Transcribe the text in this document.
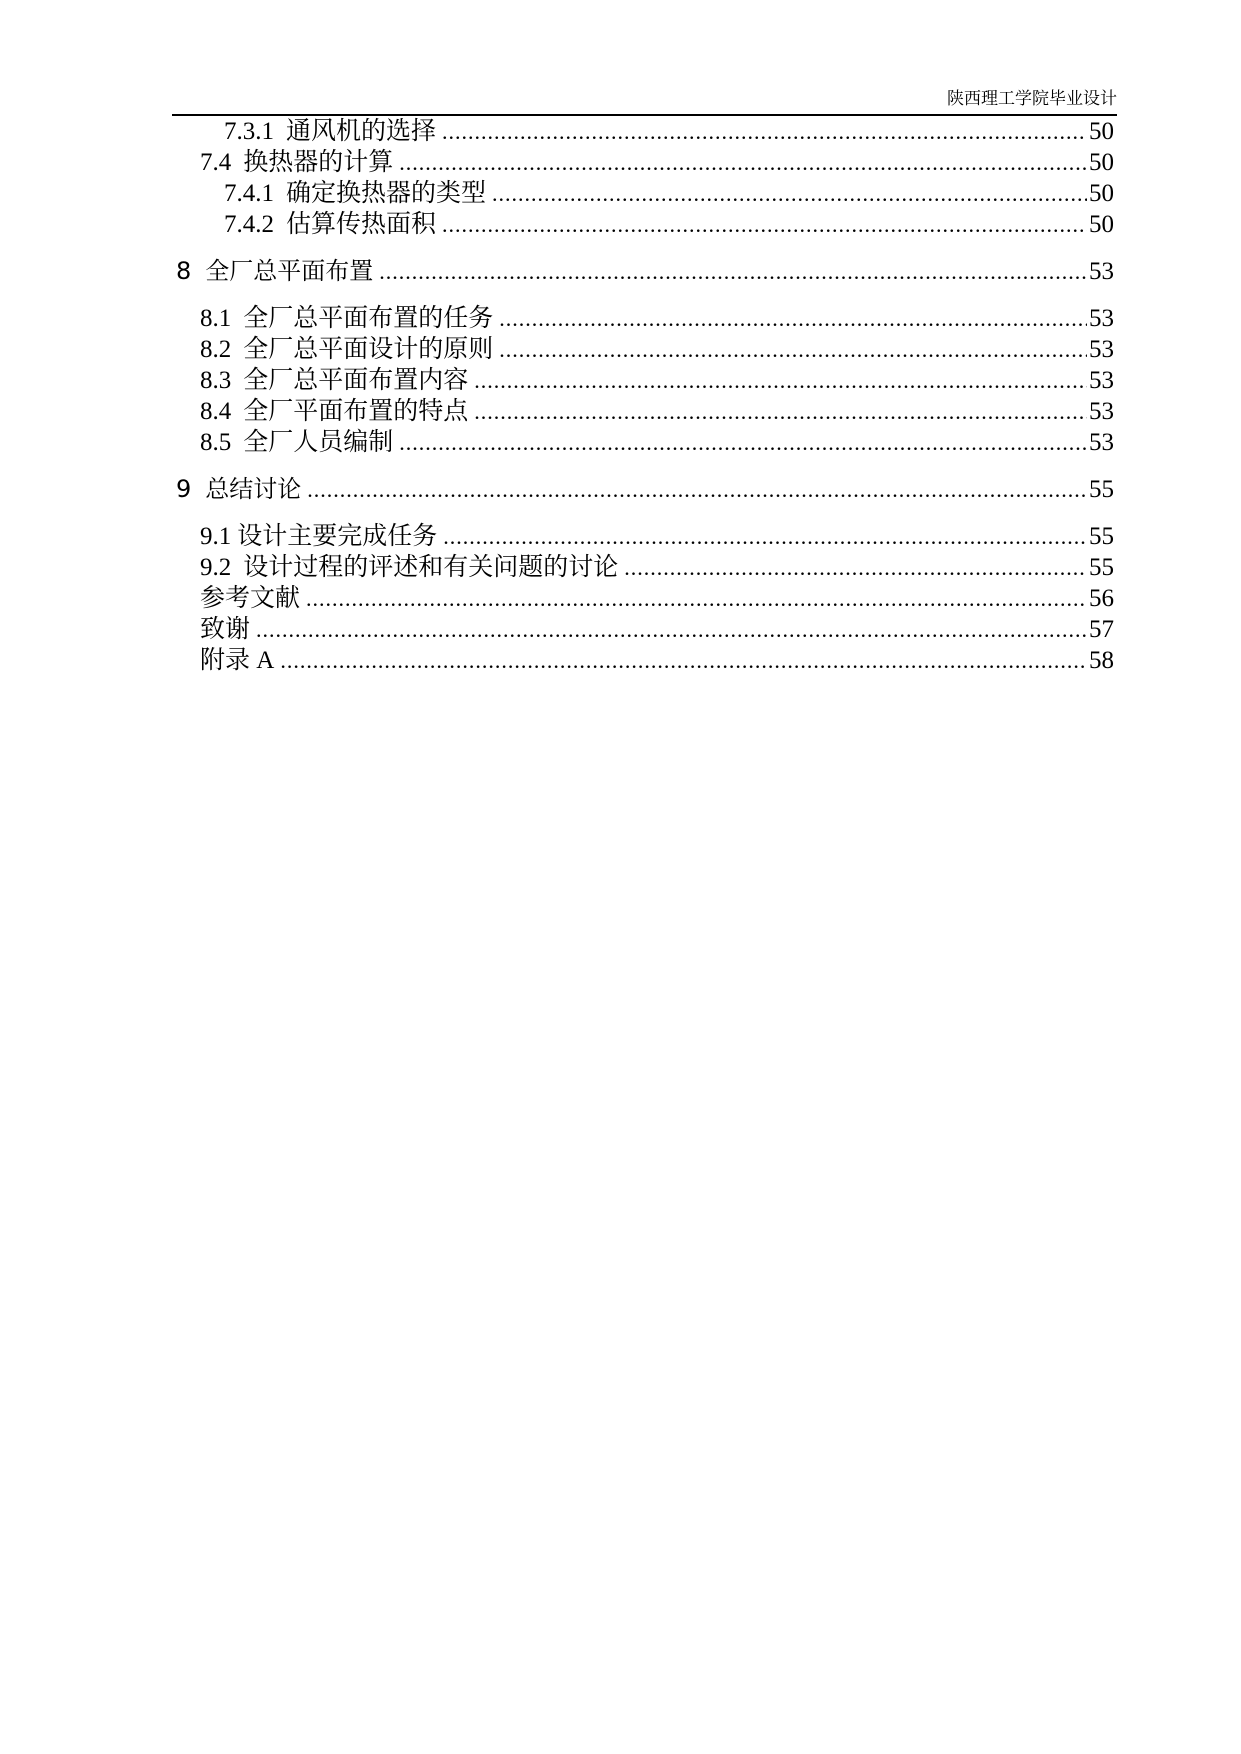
陕西理工学院毕业设计
7.3.1 通风机的选择 .....	50
7.4 换热器的计算 .....	50
7.4.1 确定换热器的类型 .....	50
7.4.2 估算传热面积 .....	50
8 全厂总平面布置 .....	53
8.1 全厂总平面布置的任务 .....	53
8.2 全厂总平面设计的原则 .....	53
8.3 全厂总平面布置内容 .....	53
8.4 全厂平面布置的特点 .....	53
8.5 全厂人员编制 .....	53
9 总结讨论 .....	55
9.1 设计主要完成任务 .....	55
9.2 设计过程的评述和有关问题的讨论 .....	55
参考文献 .....	56
致谢 .....	57
附录 A .....	58
